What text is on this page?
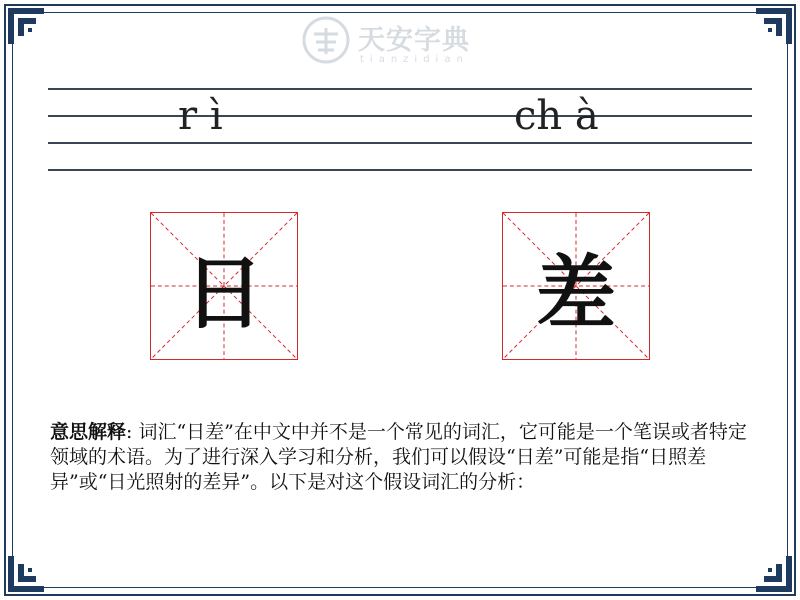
天安字典
tianzidian
r ì	ch à
日	差
意思解释: 词汇“日差”在中文中并不是一个常见的词汇，它可能是一个笔误或者特定领域的术语。为了进行深入学习和分析，我们可以假设“日差”可能是指“日照差异”或“日光照射的差异”。以下是对这个假设词汇的分析：
